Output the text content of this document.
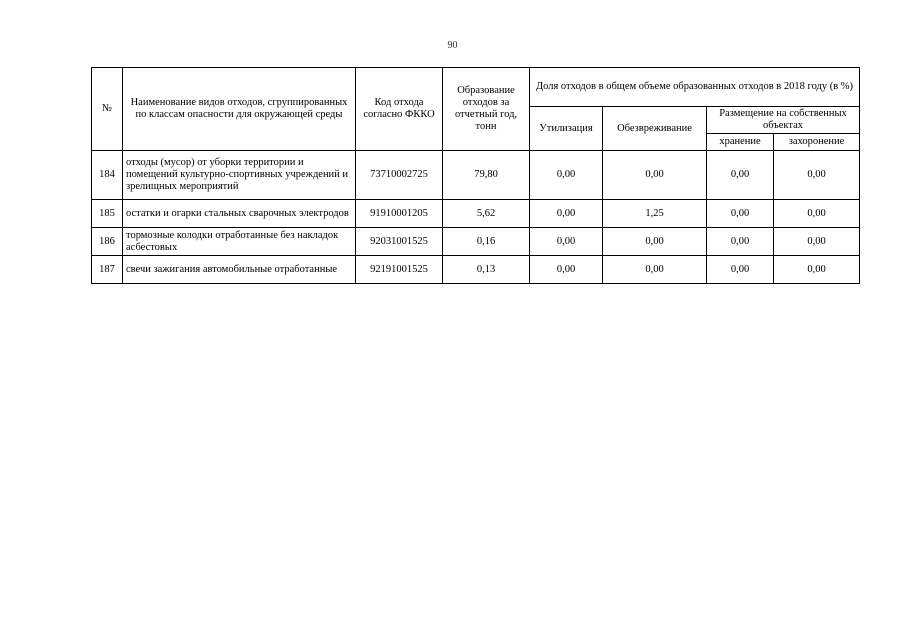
90
№	Наименование видов отходов, сгруппированных по классам опасности для окружающей среды	Код отхода согласно ФККО	Образование отходов за отчетный год, тонн	Доля отходов в общем объеме образованных отходов в 2018 году (в %)			
				Утилизация	Обезвреживание	Размещение на собственных объектах	
						хранение	захоронение
184	отходы (мусор) от уборки территории и помещений культурно-спортивных учреждений и зрелищных мероприятий	73710002725	79,80	0,00	0,00	0,00	0,00
185	остатки и огарки стальных сварочных электродов	91910001205	5,62	0,00	1,25	0,00	0,00
186	тормозные колодки отработанные без накладок асбестовых	92031001525	0,16	0,00	0,00	0,00	0,00
187	свечи зажигания автомобильные отработанные	92191001525	0,13	0,00	0,00	0,00	0,00
